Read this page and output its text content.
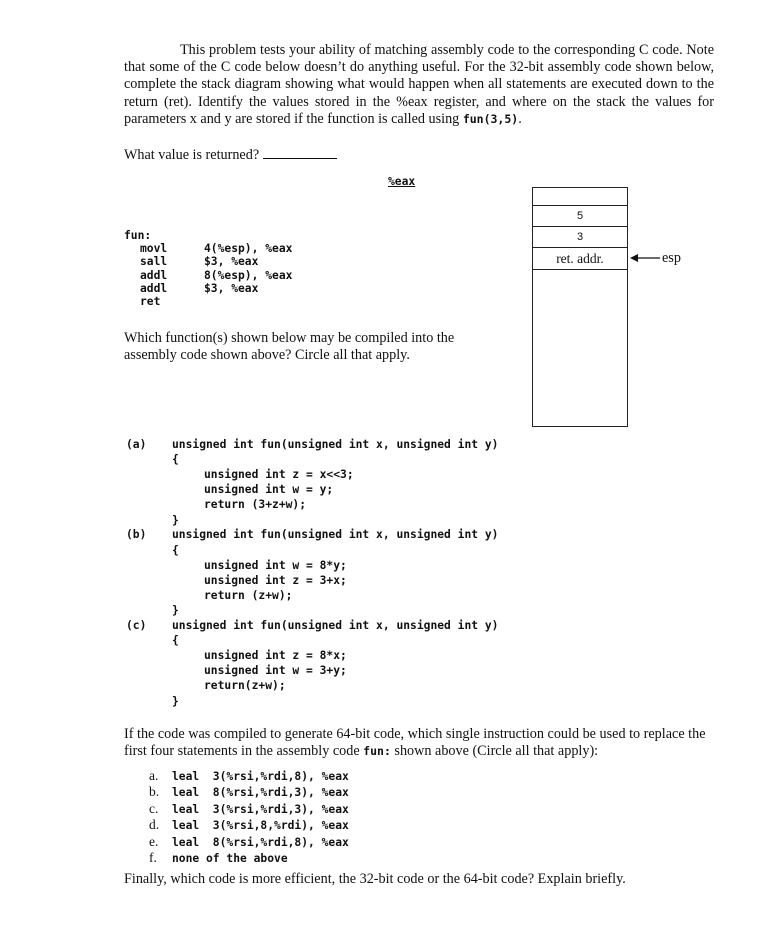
This problem tests your ability of matching assembly code to the corresponding C code. Note that some of the C code below doesn’t do anything useful. For the 32-bit assembly code shown below, complete the stack diagram showing what would happen when all statements are executed down to the return (ret). Identify the values stored in the %eax register, and where on the stack the values for parameters x and y are stored if the function is called using fun(3,5).
What value is returned?
%eax
5
3
ret. addr.	esp
fun:
movl	4(%esp), %eax
sall	$3, %eax
addl	8(%esp), %eax
addl	$3, %eax
ret
Which function(s) shown below may be compiled into the assembly code shown above? Circle all that apply.
(a) unsigned int fun(unsigned int x, unsigned int y)
{
unsigned int z = x<<3;
unsigned int w = y;
return (3+z+w);
}
(b) unsigned int fun(unsigned int x, unsigned int y)
{
unsigned int w = 8*y;
unsigned int z = 3+x;
return (z+w);
}
(c) unsigned int fun(unsigned int x, unsigned int y)
{
unsigned int z = 8*x;
unsigned int w = 3+y;
return(z+w);
}
If the code was compiled to generate 64-bit code, which single instruction could be used to replace the first four statements in the assembly code fun: shown above (Circle all that apply):
a. leal  3(%rsi,%rdi,8), %eax
b. leal  8(%rsi,%rdi,3), %eax
c. leal  3(%rsi,%rdi,3), %eax
d. leal  3(%rsi,8,%rdi), %eax
e. leal  8(%rsi,%rdi,8), %eax
f. none of the above
Finally, which code is more efficient, the 32-bit code or the 64-bit code? Explain briefly.
